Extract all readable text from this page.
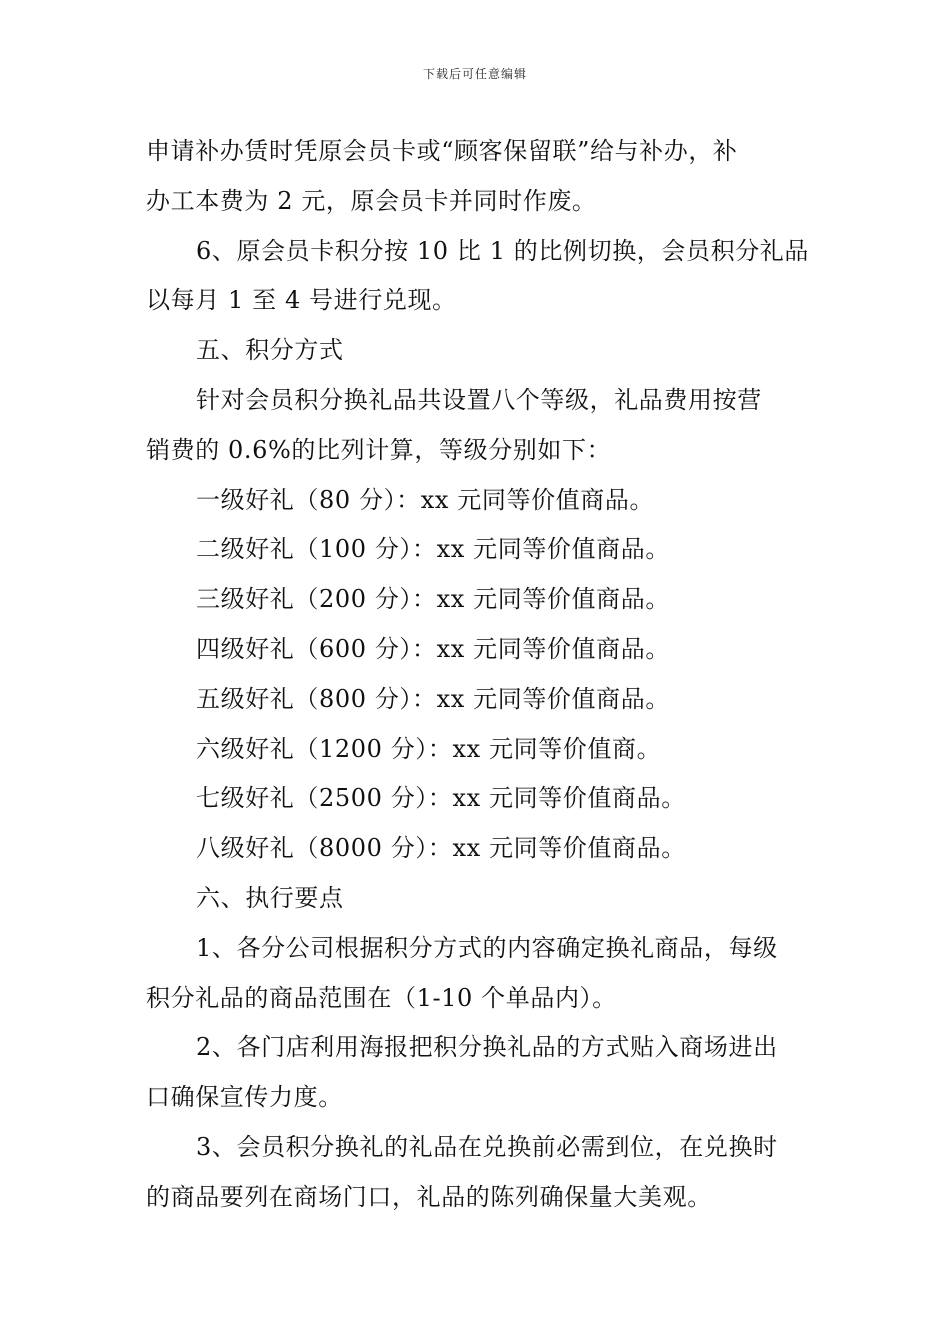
下载后可任意编辑

申请补办赁时凭原会员卡或“顾客保留联”给与补办，补

办工本费为 2 元，原会员卡并同时作废。

6、原会员卡积分按 10 比 1 的比例切换，会员积分礼品

以每月 1 至 4 号进行兑现。

五、积分方式

针对会员积分换礼品共设置八个等级，礼品费用按营

销费的 0.6%的比列计算，等级分别如下：

一级好礼（80 分）：xx 元同等价值商品。

二级好礼（100 分）：xx 元同等价值商品。

三级好礼（200 分）：xx 元同等价值商品。

四级好礼（600 分）：xx 元同等价值商品。

五级好礼（800 分）：xx 元同等价值商品。

六级好礼（1200 分）：xx 元同等价值商。

七级好礼（2500 分）：xx 元同等价值商品。

八级好礼（8000 分）：xx 元同等价值商品。

六、执行要点

1、各分公司根据积分方式的内容确定换礼商品，每级

积分礼品的商品范围在（1-10 个单品内）。

2、各门店利用海报把积分换礼品的方式贴入商场进出

口确保宣传力度。

3、会员积分换礼的礼品在兑换前必需到位，在兑换时

的商品要列在商场门口，礼品的陈列确保量大美观。
